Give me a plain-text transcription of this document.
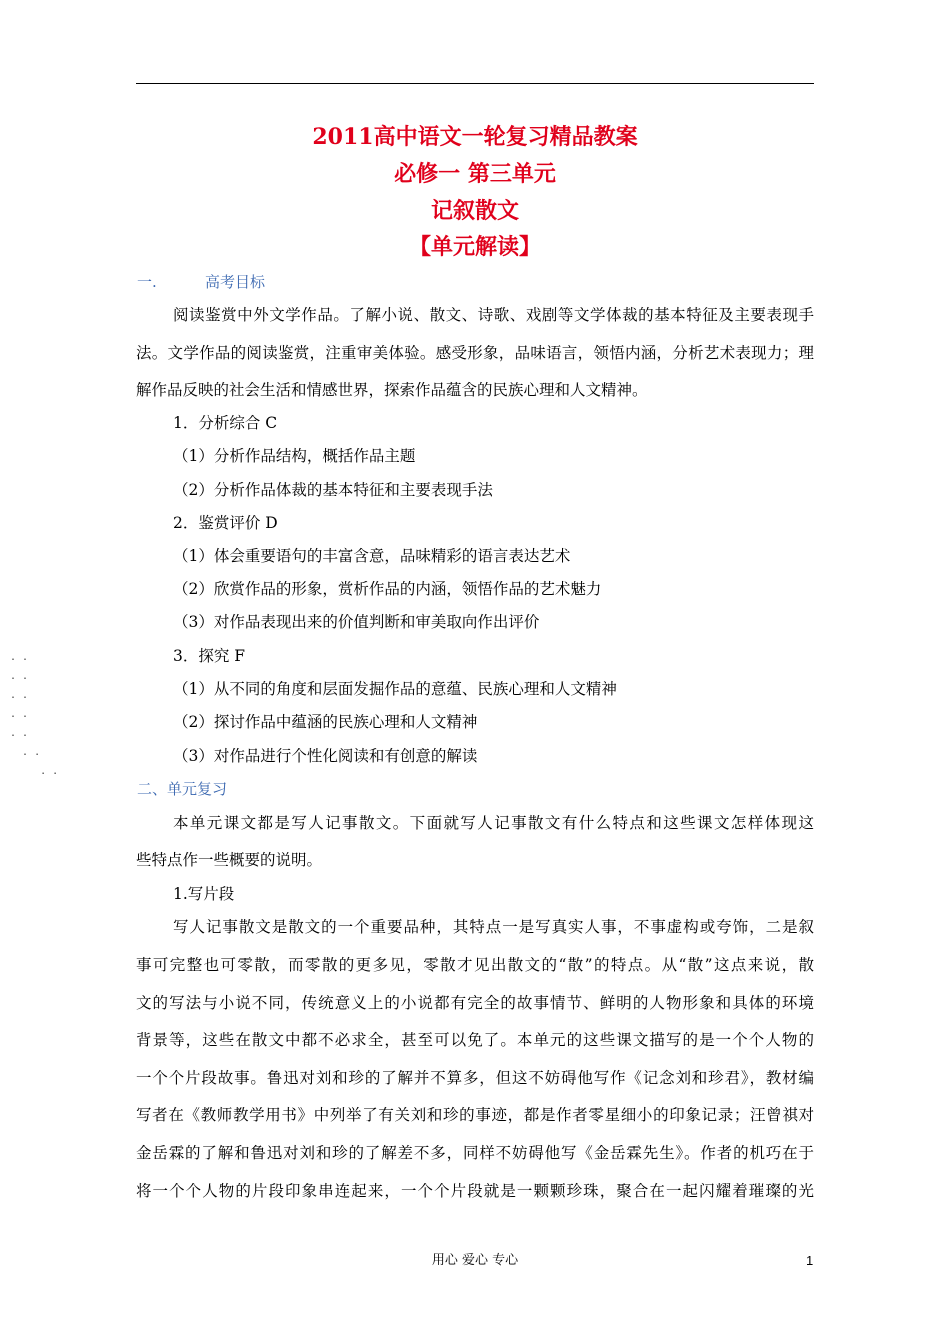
2011高中语文一轮复习精品教案
必修一 第三单元
记叙散文
【单元解读】
一.	高考目标
阅读鉴赏中外文学作品。了解小说、散文、诗歌、戏剧等文学体裁的基本特征及主要表现手
法。文学作品的阅读鉴赏，注重审美体验。感受形象，品味语言，领悟内涵，分析艺术表现力；理
解作品反映的社会生活和情感世界，探索作品蕴含的民族心理和人文精神。
1．分析综合 C
（1）分析作品结构，概括作品主题
（2）分析作品体裁的基本特征和主要表现手法
2．鉴赏评价 D
（1）体会重要语句的丰富含意，品味精彩的语言表达艺术
（2）欣赏作品的形象，赏析作品的内涵，领悟作品的艺术魅力
（3）对作品表现出来的价值判断和审美取向作出评价
3．探究 F
（1）从不同的角度和层面发掘作品的意蕴、民族心理和人文精神
（2）探讨作品中蕴涵的民族心理和人文精神
（3）对作品进行个性化阅读和有创意的解读
. .
. .
. .
. .
. .
. .
. .
二、单元复习
本单元课文都是写人记事散文。下面就写人记事散文有什么特点和这些课文怎样体现这
些特点作一些概要的说明。
1.写片段
写人记事散文是散文的一个重要品种，其特点一是写真实人事，不事虚构或夸饰，二是叙
事可完整也可零散，而零散的更多见，零散才见出散文的“散”的特点。从“散”这点来说，散
文的写法与小说不同，传统意义上的小说都有完全的故事情节、鲜明的人物形象和具体的环境
背景等，这些在散文中都不必求全，甚至可以免了。本单元的这些课文描写的是一个个人物的
一个个片段故事。鲁迅对刘和珍的了解并不算多，但这不妨碍他写作《记念刘和珍君》，教材编
写者在《教师教学用书》中列举了有关刘和珍的事迹，都是作者零星细小的印象记录；汪曾祺对
金岳霖的了解和鲁迅对刘和珍的了解差不多，同样不妨碍他写《金岳霖先生》。作者的机巧在于
将一个个人物的片段印象串连起来，一个个片段就是一颗颗珍珠，聚合在一起闪耀着璀璨的光
用心 爱心 专心	1
